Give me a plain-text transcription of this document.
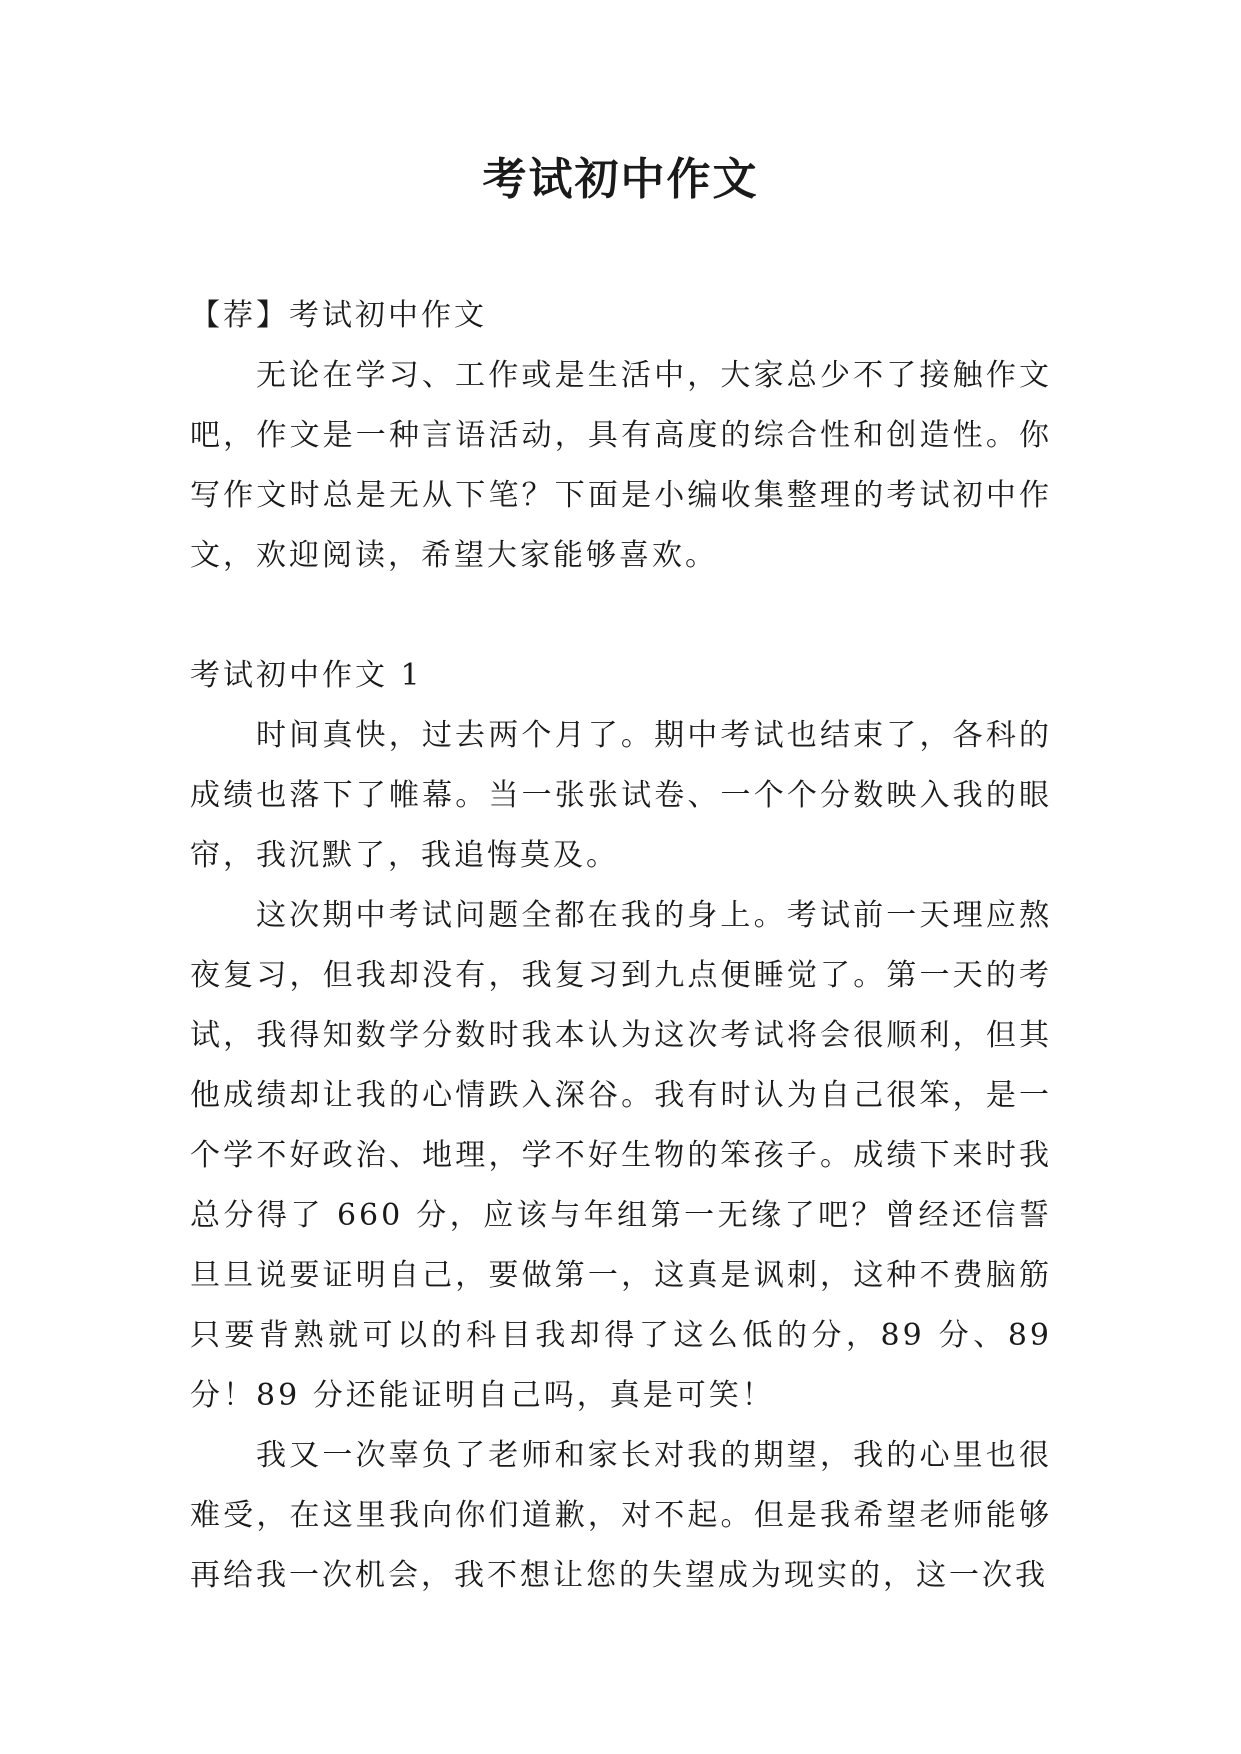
考试初中作文

【荐】考试初中作文

无论在学习、工作或是生活中，大家总少不了接触作文吧，作文是一种言语活动，具有高度的综合性和创造性。你写作文时总是无从下笔？下面是小编收集整理的考试初中作文，欢迎阅读，希望大家能够喜欢。

考试初中作文 1

时间真快，过去两个月了。期中考试也结束了，各科的成绩也落下了帷幕。当一张张试卷、一个个分数映入我的眼帘，我沉默了，我追悔莫及。

这次期中考试问题全都在我的身上。考试前一天理应熬夜复习，但我却没有，我复习到九点便睡觉了。第一天的考试，我得知数学分数时我本认为这次考试将会很顺利，但其他成绩却让我的心情跌入深谷。我有时认为自己很笨，是一个学不好政治、地理，学不好生物的笨孩子。成绩下来时我总分得了 660 分，应该与年组第一无缘了吧？曾经还信誓旦旦说要证明自己，要做第一，这真是讽刺，这种不费脑筋只要背熟就可以的科目我却得了这么低的分，89 分、89 分！89 分还能证明自己吗，真是可笑！

我又一次辜负了老师和家长对我的期望，我的心里也很难受，在这里我向你们道歉，对不起。但是我希望老师能够再给我一次机会，我不想让您的失望成为现实的，这一次我
